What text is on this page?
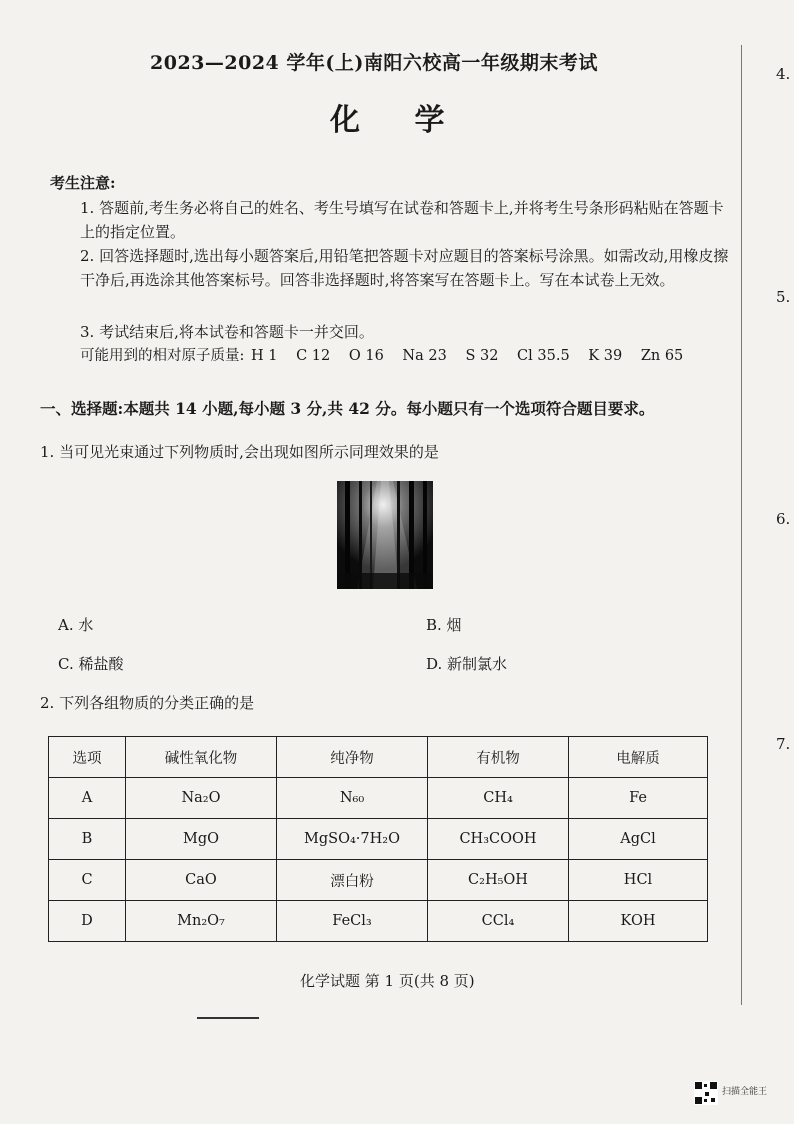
2023—2024 学年(上)南阳六校高一年级期末考试
化 学
考生注意:
1. 答题前,考生务必将自己的姓名、考生号填写在试卷和答题卡上,并将考生号条形码粘贴在答题卡上的指定位置。
2. 回答选择题时,选出每小题答案后,用铅笔把答题卡对应题目的答案标号涂黑。如需改动,用橡皮擦干净后,再选涂其他答案标号。回答非选择题时,将答案写在答题卡上。写在本试卷上无效。
3. 考试结束后,将本试卷和答题卡一并交回。
可能用到的相对原子质量: H 1 C 12 O 16 Na 23 S 32 Cl 35.5 K 39 Zn 65
一、选择题:本题共 14 小题,每小题 3 分,共 42 分。每小题只有一个选项符合题目要求。
1. 当可见光束通过下列物质时,会出现如图所示同理效果的是
A. 水	B. 烟
C. 稀盐酸	D. 新制氯水
2. 下列各组物质的分类正确的是
选项	碱性氧化物	纯净物	有机物	电解质
A	Na₂O	N₆₀	CH₄	Fe
B	MgO	MgSO₄·7H₂O	CH₃COOH	AgCl
C	CaO	漂白粉	C₂H₅OH	HCl
D	Mn₂O₇	FeCl₃	CCl₄	KOH
化学试题 第 1 页(共 8 页)
4.
5.
6.
7.
扫描全能王
